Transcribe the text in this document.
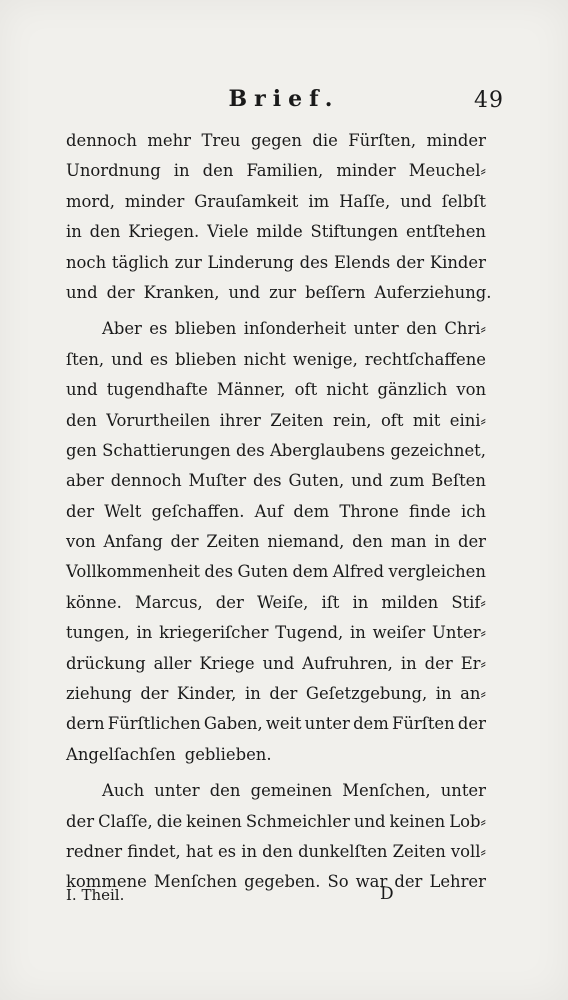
Brief.	49
dennoch mehr Treu gegen die Fürſten, minder
Unordnung in den Familien, minder Meuchel⸗
mord, minder Grauſamkeit im Haſſe, und ſelbſt
in den Kriegen. Viele milde Stiftungen entſtehen
noch täglich zur Linderung des Elends der Kinder
und der Kranken, und zur beſſern Auferziehung.
Aber es blieben inſonderheit unter den Chri⸗
ſten, und es blieben nicht wenige, rechtſchaffene
und tugendhafte Männer, oft nicht gänzlich von
den Vorurtheilen ihrer Zeiten rein, oft mit eini⸗
gen Schattierungen des Aberglaubens gezeichnet,
aber dennoch Muſter des Guten, und zum Beſten
der Welt geſchaffen. Auf dem Throne finde ich
von Anfang der Zeiten niemand, den man in der
Vollkommenheit des Guten dem Alfred vergleichen
könne. Marcus, der Weiſe, iſt in milden Stif⸗
tungen, in kriegeriſcher Tugend, in weiſer Unter⸗
drückung aller Kriege und Aufruhren, in der Er⸗
ziehung der Kinder, in der Geſetzgebung, in an⸗
dern Fürſtlichen Gaben, weit unter dem Fürſten der
Angelſachſen geblieben.
Auch unter den gemeinen Menſchen, unter
der Claſſe, die keinen Schmeichler und keinen Lob⸗
redner findet, hat es in den dunkelſten Zeiten voll⸗
kommene Menſchen gegeben. So war der Lehrer
I. Theil.	D
